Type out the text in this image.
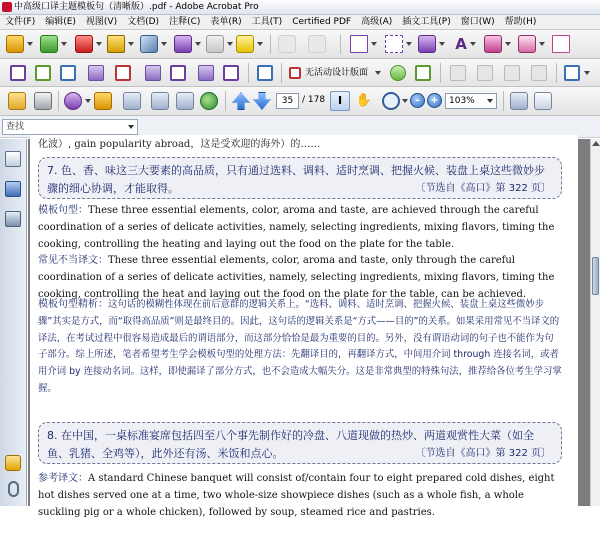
中高级口译主题模板句（清晰版）.pdf - Adobe Acrobat Pro
文件(F) 编辑(E) 视图(V) 文档(D) 注释(C) 表单(R) 工具(T) Certified PDF 高级(A) 插文工具(P) 窗口(W) 帮助(H)
A
无活动设计版面
35
/ 178	I	✋	–	+	103%
查找
化波）, gain popularity abroad，这是受欢迎的海外）的……
7. 色、香、味这三大要素的高品质，只有通过选料、调料、适时烹调、把握火候、装盘上桌这些微妙步骤的细心协调，才能取得。	〔节选自《高口》第 322 页〕
模板句型：These three essential elements, color, aroma and taste, are achieved through the careful coordination of a series of delicate activities, namely, selecting ingredients, mixing flavors, timing the cooking, controlling the heating and laying out the food on the plate for the table.
常见不当译文：These three essential elements, color, aroma and taste, only through the careful coordination of a series of delicate activities, namely, selecting ingredients, mixing flavors, timing the cooking, controlling the heat and laying out the food on the plate for the table, can be achieved.
模板句型精析：这句话的模糊性体现在前后意群的逻辑关系上。“选料、调料、适时烹调、把握火候、装盘上桌这些微妙步骤”其实是方式，而“取得高品质”则是最终目的。因此，这句话的逻辑关系是“方式——目的”的关系。如果采用常见不当译文的译法，在考试过程中很容易造成最后的谓语部分，而这部分恰恰是最为重要的目的。另外，没有谓语动词的句子也不能作为句子部分。综上所述，笔者希望考生学会模板句型的处理方法：先翻译目的，再翻译方式，中间用介词 through 连接名词，或者用介词 by 连接动名词。这样，即使漏译了部分方式，也不会造成大幅失分。这是非常典型的特殊句法，推荐给各位考生学习掌握。
8. 在中国，一桌标准宴席包括四至八个事先制作好的冷盘、八道现做的热炒、两道观赏性大菜（如全鱼、乳猪、全鸡等），此外还有汤、米饭和点心。	〔节选自《高口》第 322 页〕
参考译文：A standard Chinese banquet will consist of/contain four to eight prepared cold dishes, eight hot dishes served one at a time, two whole-size showpiece dishes (such as a whole fish, a whole suckling pig or a whole chicken), followed by soup, steamed rice and pastries.
